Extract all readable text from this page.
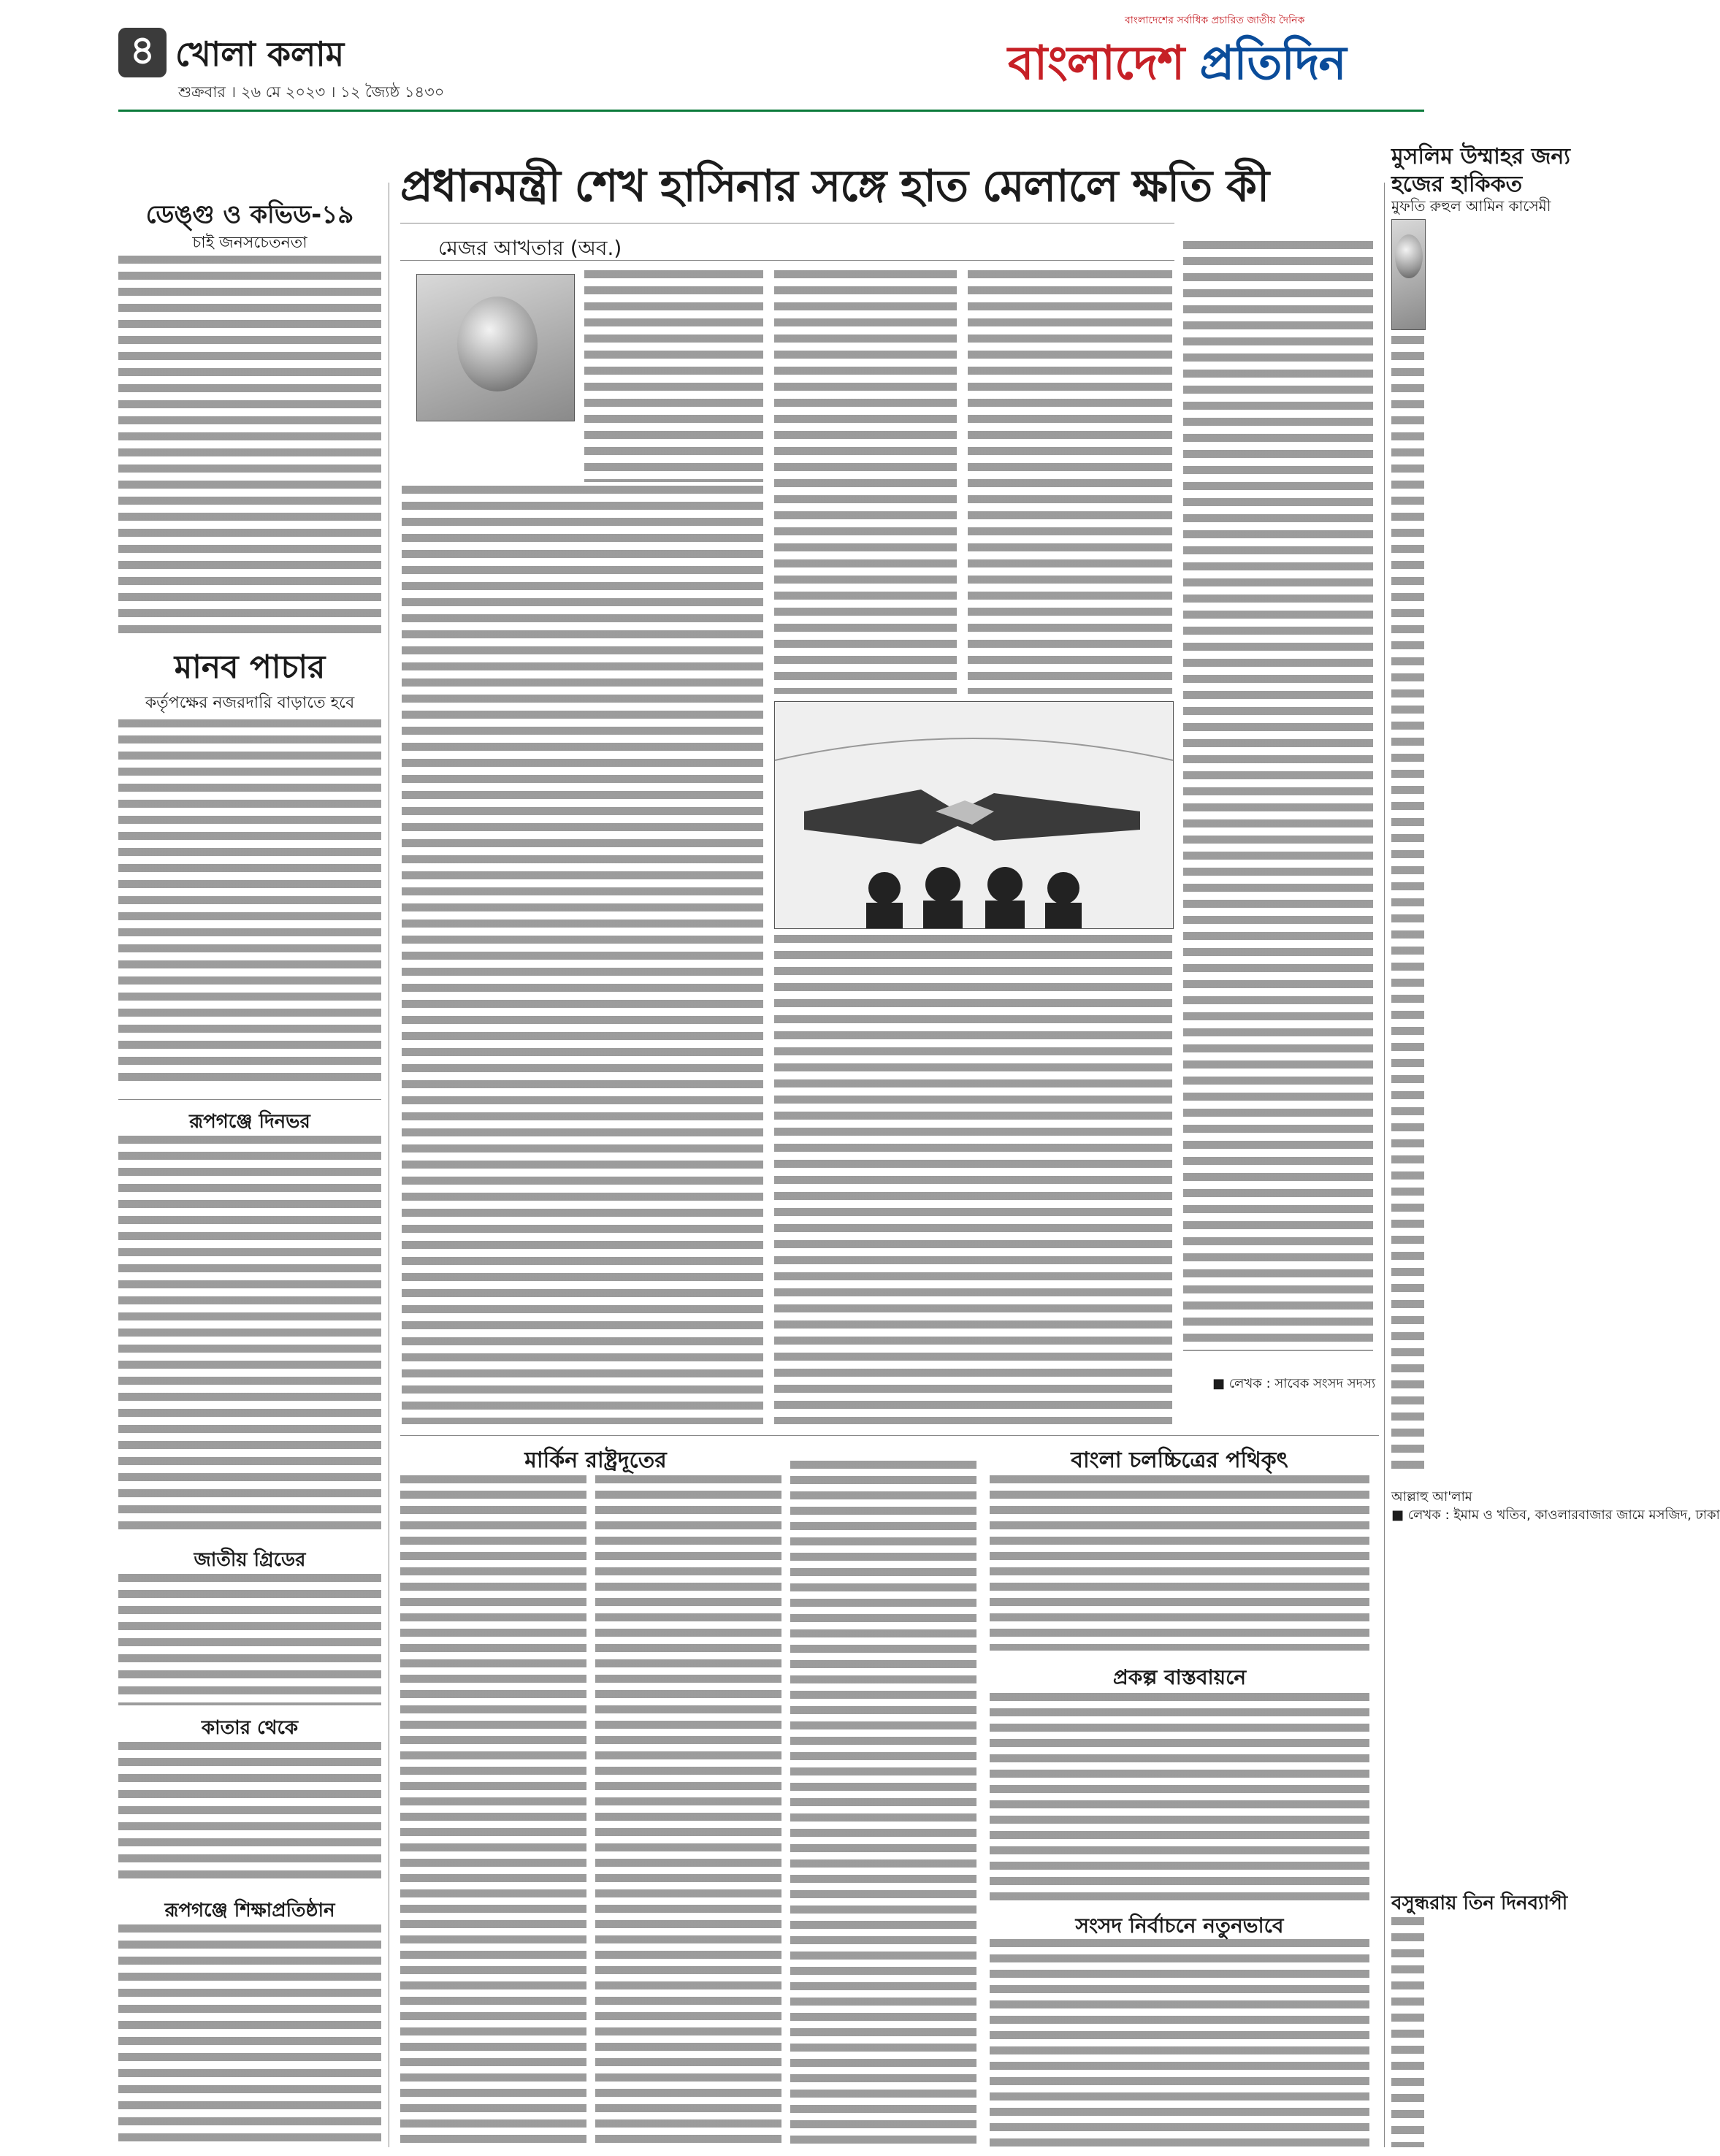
৪ খোলা কলাম
শুক্রবার । ২৬ মে ২০২৩ । ১২ জ্যৈষ্ঠ ১৪৩০
বাংলাদেশের সর্বাধিক প্রচারিত জাতীয় দৈনিক
বাংলাদেশ প্রতিদিন
ডেঙ্গু ও কভিড-১৯
চাই জনসচেতনতা
মানব পাচার
কর্তৃপক্ষের নজরদারি বাড়াতে হবে
রূপগঞ্জে দিনভর
জাতীয় গ্রিডের
কাতার থেকে
রূপগঞ্জে শিক্ষাপ্রতিষ্ঠান
প্রধানমন্ত্রী শেখ হাসিনার সঙ্গে হাত মেলালে ক্ষতি কী
মেজর আখতার (অব.)
■ লেখক : সাবেক সংসদ সদস্য
মার্কিন রাষ্ট্রদূতের	বাংলা চলচ্চিত্রের পথিকৃৎ
প্রকল্প বাস্তবায়নে
সংসদ নির্বাচনে নতুনভাবে
মুসলিম উম্মাহর জন্য
হজের হাকিকত
মুফতি রুহুল আমিন কাসেমী
আল্লাহু আ'লাম
■ লেখক : ইমাম ও খতিব, কাওলারবাজার জামে মসজিদ, ঢাকা
বসুন্ধরায় তিন দিনব্যাপী
